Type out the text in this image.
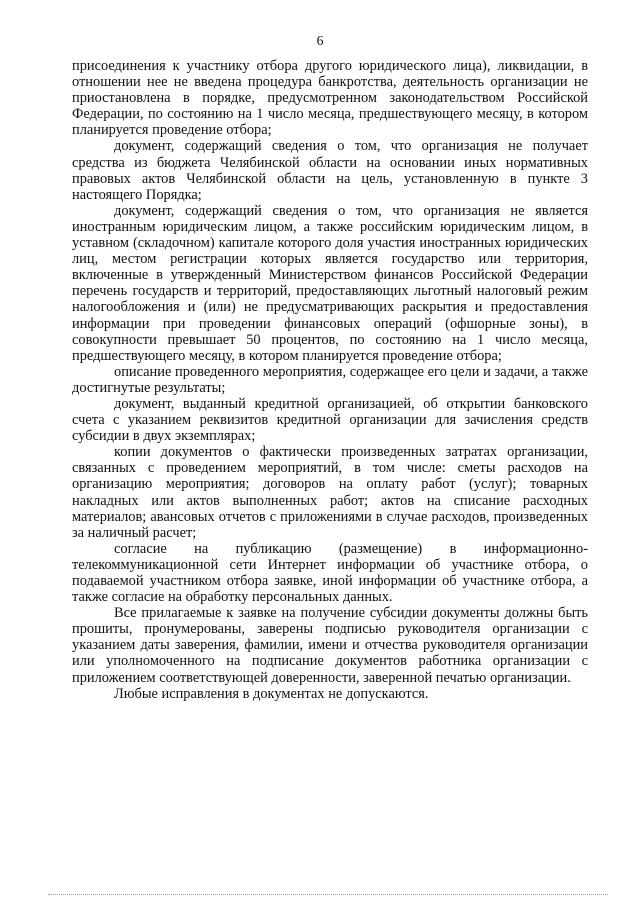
6

присоединения к участнику отбора другого юридического лица), ликвидации, в отношении нее не введена процедура банкротства, деятельность организации не приостановлена в порядке, предусмотренном законодательством Российской Федерации, по состоянию на 1 число месяца, предшествующего месяцу, в котором планируется проведение отбора;

документ, содержащий сведения о том, что организация не получает средства из бюджета Челябинской области на основании иных нормативных правовых актов Челябинской области на цель, установленную в пункте 3 настоящего Порядка;

документ, содержащий сведения о том, что организация не является иностранным юридическим лицом, а также российским юридическим лицом, в уставном (складочном) капитале которого доля участия иностранных юридических лиц, местом регистрации которых является государство или территория, включенные в утвержденный Министерством финансов Российской Федерации перечень государств и территорий, предоставляющих льготный налоговый режим налогообложения и (или) не предусматривающих раскрытия и предоставления информации при проведении финансовых операций (офшорные зоны), в совокупности превышает 50 процентов, по состоянию на 1 число месяца, предшествующего месяцу, в котором планируется проведение отбора;

описание проведенного мероприятия, содержащее его цели и задачи, а также достигнутые результаты;

документ, выданный кредитной организацией, об открытии банковского счета с указанием реквизитов кредитной организации для зачисления средств субсидии в двух экземплярах;

копии документов о фактически произведенных затратах организации, связанных с проведением мероприятий, в том числе: сметы расходов на организацию мероприятия; договоров на оплату работ (услуг); товарных накладных или актов выполненных работ; актов на списание расходных материалов; авансовых отчетов с приложениями в случае расходов, произведенных за наличный расчет;

согласие на публикацию (размещение) в информационно-телекоммуникационной сети Интернет информации об участнике отбора, о подаваемой участником отбора заявке, иной информации об участнике отбора, а также согласие на обработку персональных данных.

Все прилагаемые к заявке на получение субсидии документы должны быть прошиты, пронумерованы, заверены подписью руководителя организации с указанием даты заверения, фамилии, имени и отчества руководителя организации или уполномоченного на подписание документов работника организации с приложением соответствующей доверенности, заверенной печатью организации.

Любые исправления в документах не допускаются.
